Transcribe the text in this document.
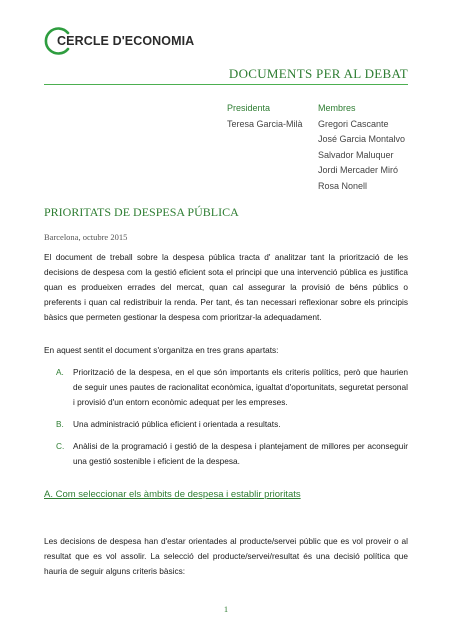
CERCLE D'ECONOMIA
DOCUMENTS PER AL DEBAT
Presidenta
Teresa Garcia-Milà
Membres
Gregori Cascante
José Garcia Montalvo
Salvador Maluquer
Jordi Mercader Miró
Rosa Nonell
PRIORITATS DE DESPESA PÚBLICA
Barcelona, octubre 2015
El document de treball sobre la despesa pública tracta d' analitzar tant la priorització de les decisions de despesa com la gestió eficient sota el principi que una intervenció pública es justifica quan es produeixen errades del mercat, quan cal assegurar la provisió de béns públics o preferents i quan cal redistribuir la renda. Per tant, és tan necessari reflexionar sobre els principis bàsics que permeten gestionar la despesa com prioritzar-la adequadament.
En aquest sentit el document s'organitza en tres grans apartats:
A. Priorització de la despesa, en el que són importants els criteris polítics, però que haurien de seguir unes pautes de racionalitat econòmica, igualtat d'oportunitats, seguretat personal i provisió d'un entorn econòmic adequat per les empreses.
B. Una administració pública eficient i orientada a resultats.
C. Anàlisi de la programació i gestió de la despesa i plantejament de millores per aconseguir una gestió sostenible i eficient de la despesa.
A. Com seleccionar els àmbits de despesa i establir prioritats
Les decisions de despesa han d'estar orientades al producte/servei públic que es vol proveir o al resultat que es vol assolir. La selecció del producte/servei/resultat és una decisió política que hauria de seguir alguns criteris bàsics:
1
